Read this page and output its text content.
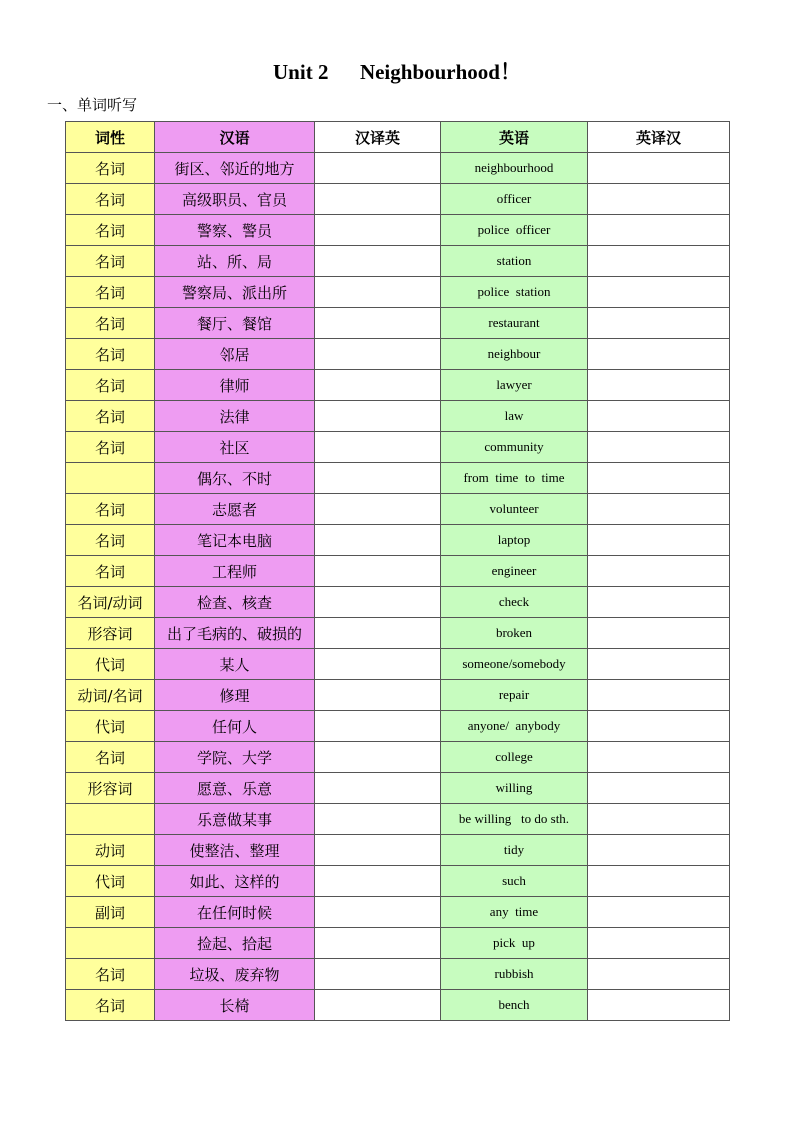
Unit 2      Neighbourhood！
一、单词听写
词性	汉语	汉译英	英语	英译汉
名词	街区、邻近的地方		neighbourhood	
名词	高级职员、官员		officer	
名词	警察、警员		police  officer	
名词	站、所、局		station	
名词	警察局、派出所		police  station	
名词	餐厅、餐馆		restaurant	
名词	邻居		neighbour	
名词	律师		lawyer	
名词	法律		law	
名词	社区		community	
	偶尔、不时		from  time  to  time	
名词	志愿者		volunteer	
名词	笔记本电脑		laptop	
名词	工程师		engineer	
名词/动词	检查、核查		check	
形容词	出了毛病的、破损的		broken	
代词	某人		someone/somebody	
动词/名词	修理		repair	
代词	任何人		anyone/  anybody	
名词	学院、大学		college	
形容词	愿意、乐意		willing	
	乐意做某事		be willing   to do sth.	
动词	使整洁、整理		tidy	
代词	如此、这样的		such	
副词	在任何时候		any  time	
	捡起、拾起		pick  up	
名词	垃圾、废弃物		rubbish	
名词	长椅		bench	
